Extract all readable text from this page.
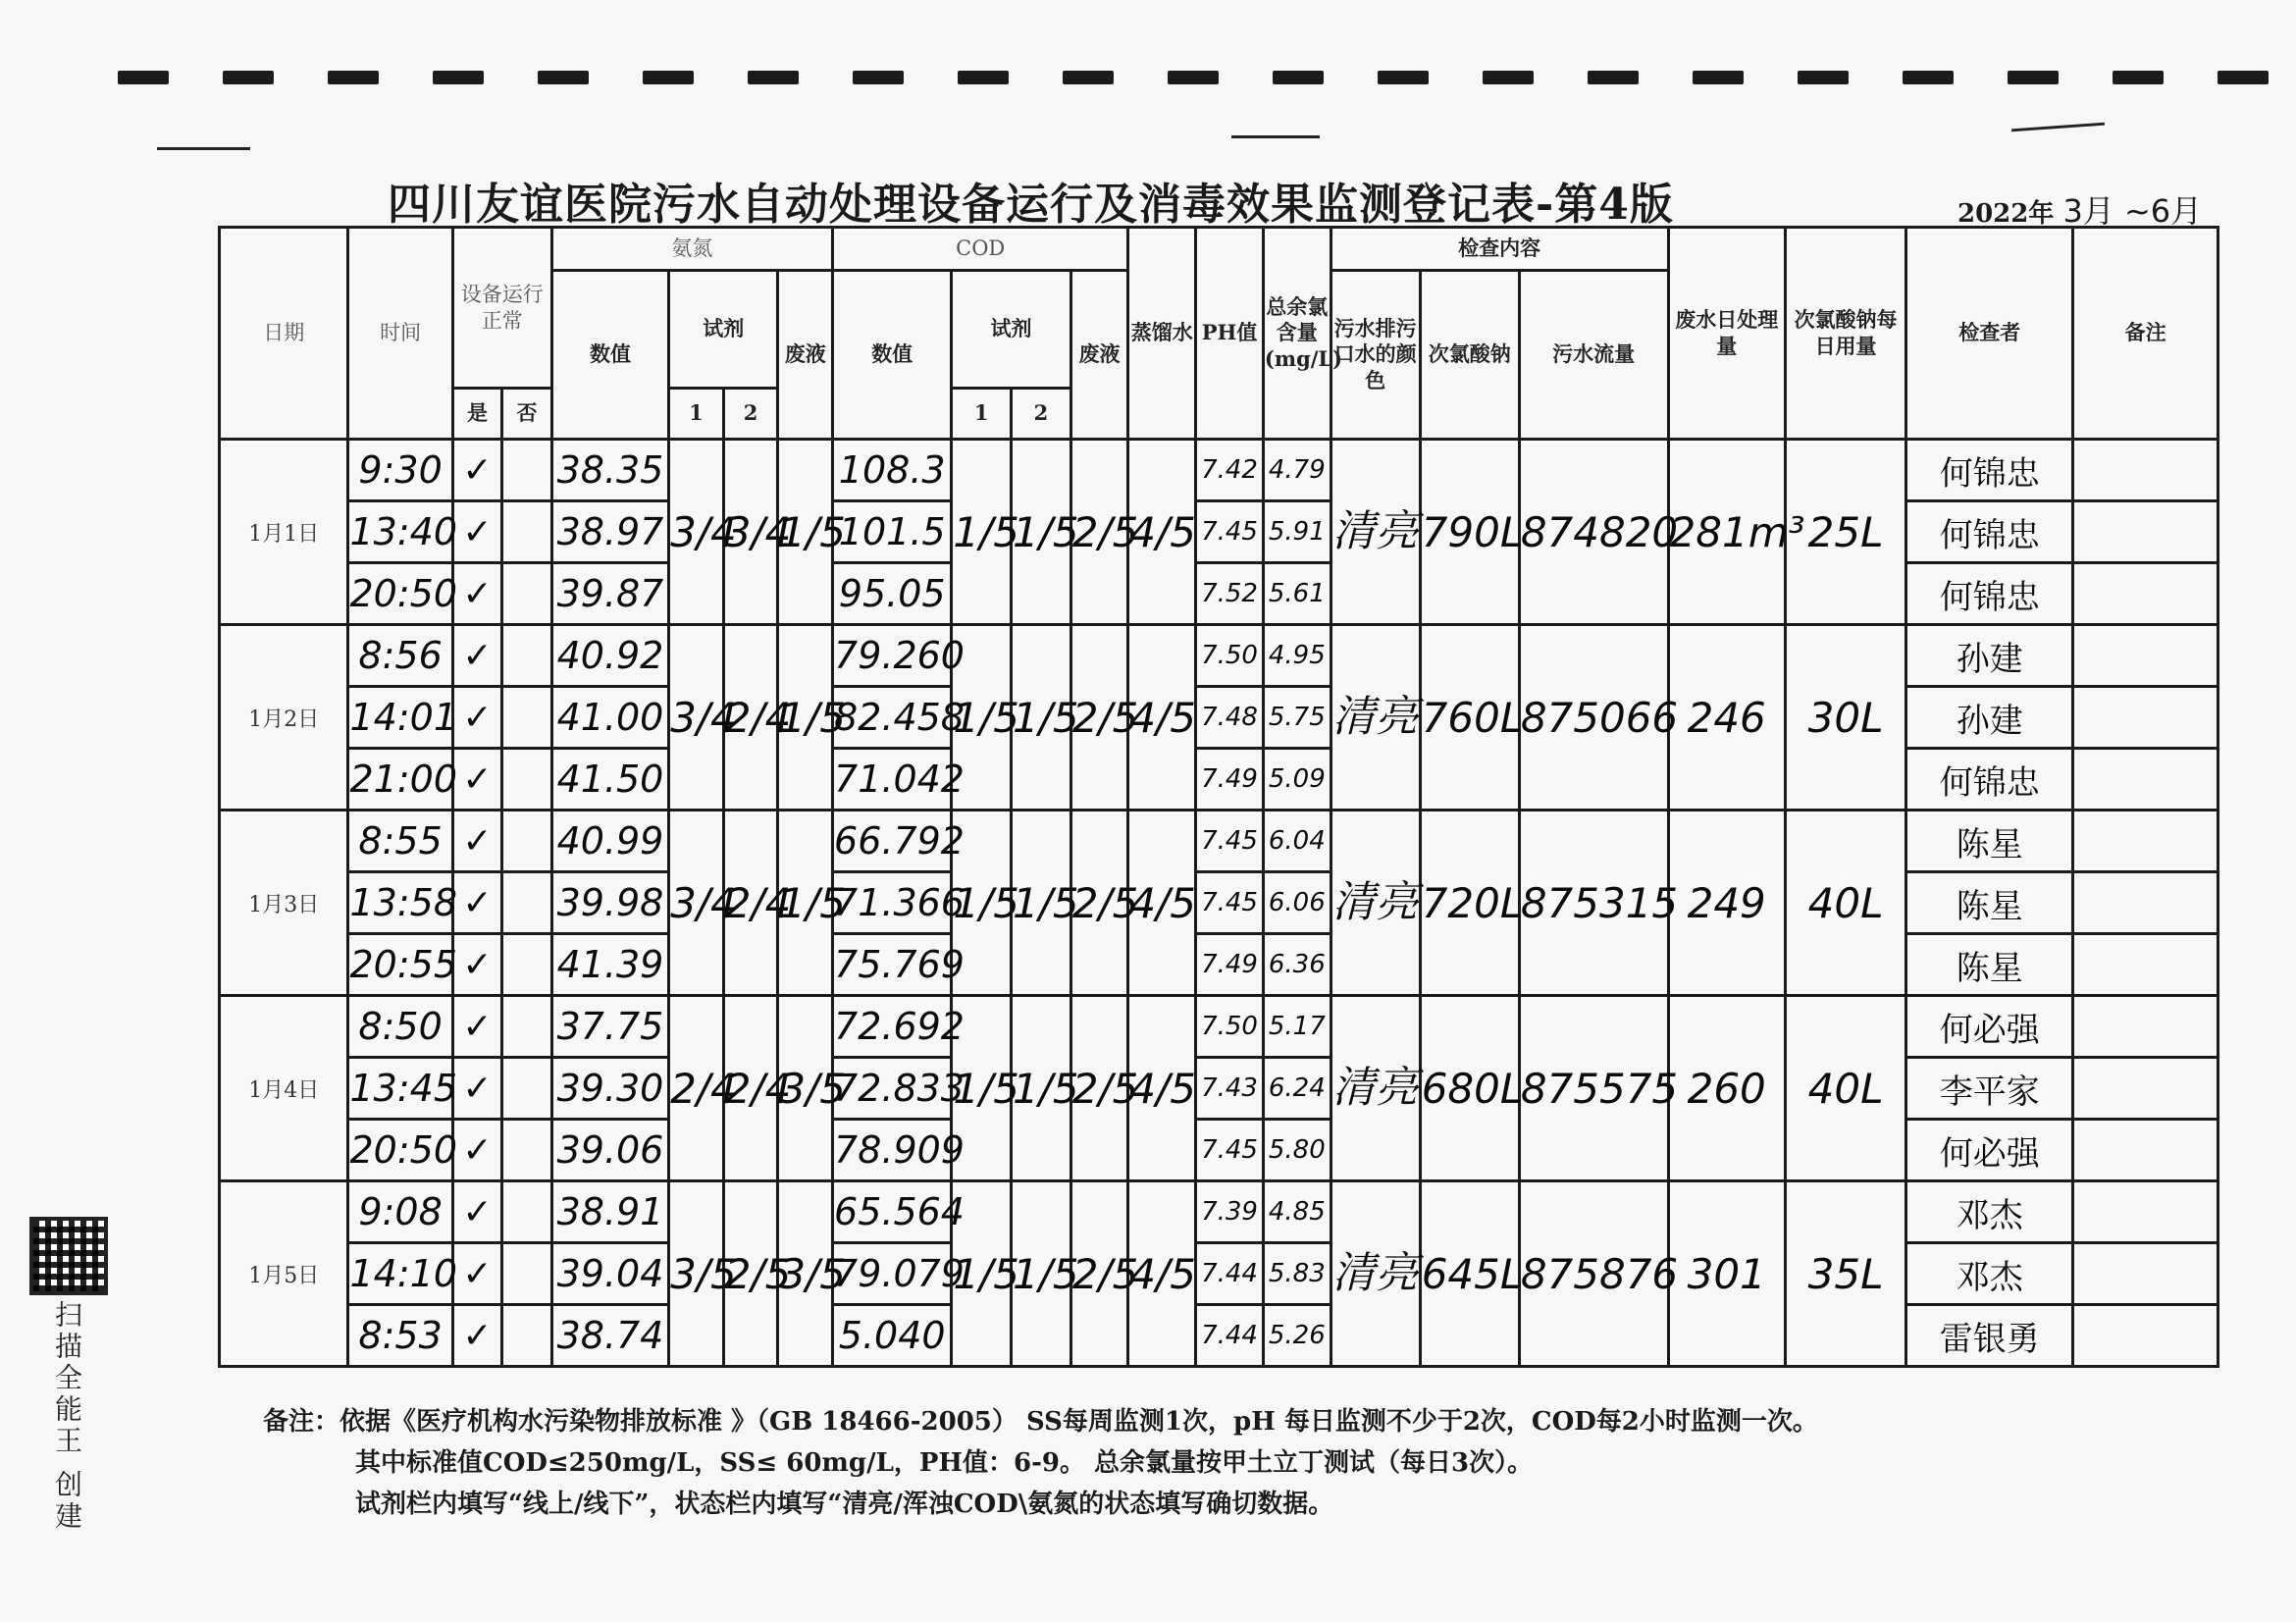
四川友谊医院污水自动处理设备运行及消毒效果监测登记表-第4版	2022年 3月 ~6月
日期	时间	设备运行正常		氨氮				COD				蒸馏水	PH值	总余氯含量(mg/L)	检查内容			废水日处理量	次氯酸钠每日用量	检查者	备注
				数值	试剂		废液	数值	试剂		废液				污水排污口水的颜色	次氯酸钠	污水流量				
		是	否		1	2			1	2											
1月1日	9:30	✓		38.35	3/4	3/4	1/5	108.3	1/5	1/5	2/5	4/5	7.42	4.79	清亮	790L	874820	281m³	25L	何锦忠	
	13:40	✓		38.97				101.5					7.45	5.91						何锦忠	
	20:50	✓		39.87				95.05					7.52	5.61						何锦忠	
1月2日	8:56	✓		40.92	3/4	2/4	1/5	79.260	1/5	1/5	2/5	4/5	7.50	4.95	清亮	760L	875066	246	30L	孙建	
	14:01	✓		41.00				82.458					7.48	5.75						孙建	
	21:00	✓		41.50				71.042					7.49	5.09						何锦忠	
1月3日	8:55	✓		40.99	3/4	2/4	1/5	66.792	1/5	1/5	2/5	4/5	7.45	6.04	清亮	720L	875315	249	40L	陈星	
	13:58	✓		39.98				71.366					7.45	6.06						陈星	
	20:55	✓		41.39				75.769					7.49	6.36						陈星	
1月4日	8:50	✓		37.75	2/4	2/4	3/5	72.692	1/5	1/5	2/5	4/5	7.50	5.17	清亮	680L	875575	260	40L	何必强	
	13:45	✓		39.30				72.833					7.43	6.24						李平家	
	20:50	✓		39.06				78.909					7.45	5.80						何必强	
1月5日	9:08	✓		38.91	3/5	2/5	3/5	65.564	1/5	1/5	2/5	4/5	7.39	4.85	清亮	645L	875876	301	35L	邓杰	
	14:10	✓		39.04				79.079					7.44	5.83						邓杰	
	8:53	✓		38.74				5.040					7.44	5.26						雷银勇	
备注：依据《医疗机构水污染物排放标准 》（GB 18466-2005） SS每周监测1次，pH 每日监测不少于2次，COD每2小时监测一次。
其中标准值COD≤250mg/L，SS≤ 60mg/L，PH值：6-9。 总余氯量按甲土立丁测试（每日3次）。
试剂栏内填写“线上/线下”，状态栏内填写“清亮/浑浊COD\氨氮的状态填写确切数据。
扫描全能王 创建
